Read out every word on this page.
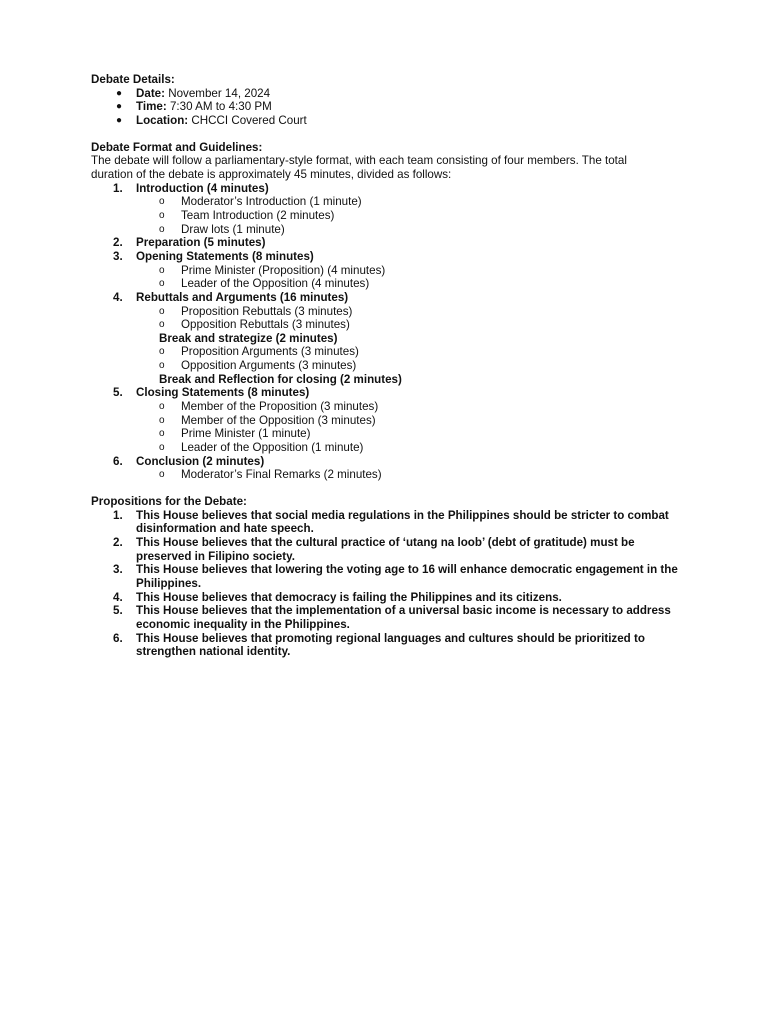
Debate Details:
● Date: November 14, 2024
● Time: 7:30 AM to 4:30 PM
● Location: CHCCI Covered Court
Debate Format and Guidelines:
The debate will follow a parliamentary-style format, with each team consisting of four members. The total duration of the debate is approximately 45 minutes, divided as follows:
1. Introduction (4 minutes)
o Moderator’s Introduction (1 minute)
o Team Introduction (2 minutes)
o Draw lots (1 minute)
2. Preparation (5 minutes)
3. Opening Statements (8 minutes)
o Prime Minister (Proposition) (4 minutes)
o Leader of the Opposition (4 minutes)
4. Rebuttals and Arguments (16 minutes)
o Proposition Rebuttals (3 minutes)
o Opposition Rebuttals (3 minutes)
Break and strategize (2 minutes)
o Proposition Arguments (3 minutes)
o Opposition Arguments (3 minutes)
Break and Reflection for closing (2 minutes)
5. Closing Statements (8 minutes)
o Member of the Proposition (3 minutes)
o Member of the Opposition (3 minutes)
o Prime Minister (1 minute)
o Leader of the Opposition (1 minute)
6. Conclusion (2 minutes)
o Moderator’s Final Remarks (2 minutes)
Propositions for the Debate:
1. This House believes that social media regulations in the Philippines should be stricter to combat disinformation and hate speech.
2. This House believes that the cultural practice of ‘utang na loob’ (debt of gratitude) must be preserved in Filipino society.
3. This House believes that lowering the voting age to 16 will enhance democratic engagement in the Philippines.
4. This House believes that democracy is failing the Philippines and its citizens.
5. This House believes that the implementation of a universal basic income is necessary to address economic inequality in the Philippines.
6. This House believes that promoting regional languages and cultures should be prioritized to strengthen national identity.
